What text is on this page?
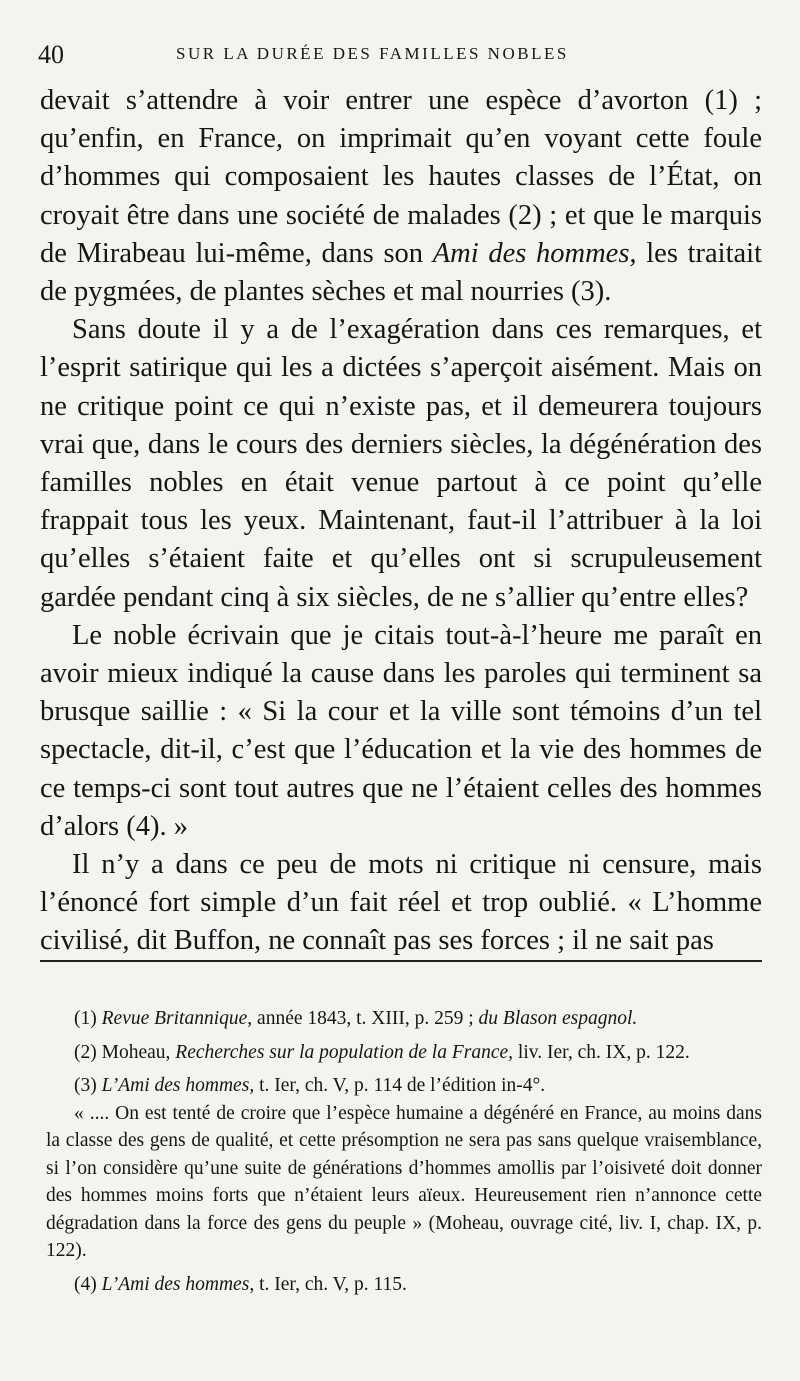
40	SUR LA DURÉE DES FAMILLES NOBLES

devait s’attendre à voir entrer une espèce d’avorton (1) ; qu’enfin, en France, on imprimait qu’en voyant cette foule d’hommes qui composaient les hautes classes de l’État, on croyait être dans une société de malades (2) ; et que le marquis de Mirabeau lui-même, dans son Ami des hommes, les traitait de pygmées, de plantes sèches et mal nourries (3).

Sans doute il y a de l’exagération dans ces remarques, et l’esprit satirique qui les a dictées s’aperçoit aisément. Mais on ne critique point ce qui n’existe pas, et il demeurera toujours vrai que, dans le cours des derniers siècles, la dégénération des familles nobles en était venue partout à ce point qu’elle frappait tous les yeux. Maintenant, faut-il l’attribuer à la loi qu’elles s’étaient faite et qu’elles ont si scrupuleusement gardée pendant cinq à six siècles, de ne s’allier qu’entre elles?

Le noble écrivain que je citais tout-à-l’heure me paraît en avoir mieux indiqué la cause dans les paroles qui terminent sa brusque saillie : « Si la cour et la ville sont témoins d’un tel spectacle, dit-il, c’est que l’éducation et la vie des hommes de ce temps-ci sont tout autres que ne l’étaient celles des hommes d’alors (4). »

Il n’y a dans ce peu de mots ni critique ni censure, mais l’énoncé fort simple d’un fait réel et trop oublié. « L’homme civilisé, dit Buffon, ne connaît pas ses forces ; il ne sait pas

(1) Revue Britannique, année 1843, t. XIII, p. 259 ; du Blason espagnol.

(2) Moheau, Recherches sur la population de la France, liv. Ier, ch. IX, p. 122.

(3) L’Ami des hommes, t. Ier, ch. V, p. 114 de l’édition in-4°.

« .... On est tenté de croire que l’espèce humaine a dégénéré en France, au moins dans la classe des gens de qualité, et cette présomption ne sera pas sans quelque vraisemblance, si l’on considère qu’une suite de générations d’hommes amollis par l’oisiveté doit donner des hommes moins forts que n’étaient leurs aïeux. Heureusement rien n’annonce cette dégradation dans la force des gens du peuple » (Moheau, ouvrage cité, liv. I, chap. IX, p. 122).

(4) L’Ami des hommes, t. Ier, ch. V, p. 115.
